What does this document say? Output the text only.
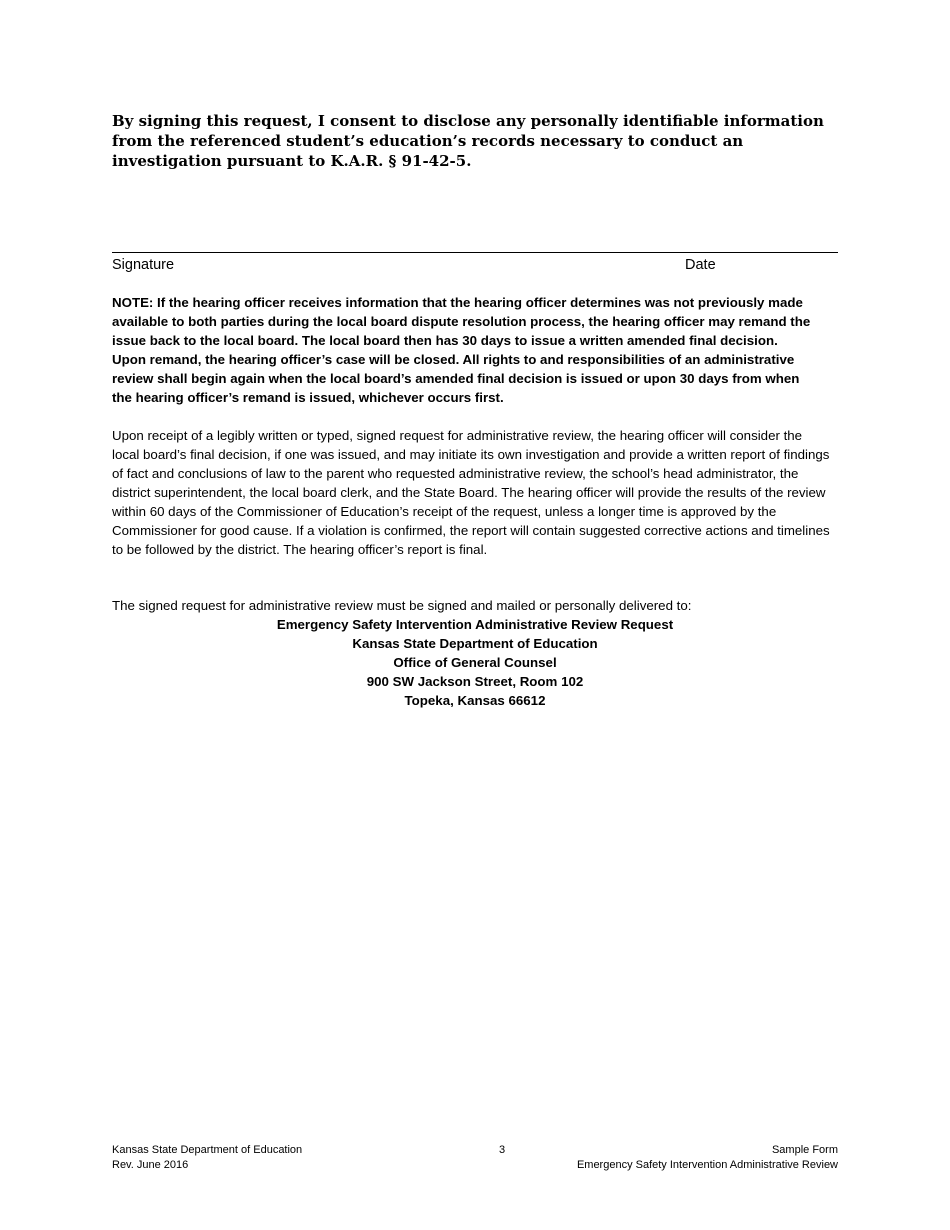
By signing this request, I consent to disclose any personally identifiable information from the referenced student’s education’s records necessary to conduct an investigation pursuant to K.A.R. § 91-42-5.

Signature	Date

NOTE: If the hearing officer receives information that the hearing officer determines was not previously made available to both parties during the local board dispute resolution process, the hearing officer may remand the issue back to the local board. The local board then has 30 days to issue a written amended final decision. Upon remand, the hearing officer’s case will be closed. All rights to and responsibilities of an administrative review shall begin again when the local board’s amended final decision is issued or upon 30 days from when the hearing officer’s remand is issued, whichever occurs first.

Upon receipt of a legibly written or typed, signed request for administrative review, the hearing officer will consider the local board’s final decision, if one was issued, and may initiate its own investigation and provide a written report of findings of fact and conclusions of law to the parent who requested administrative review, the school’s head administrator, the district superintendent, the local board clerk, and the State Board. The hearing officer will provide the results of the review within 60 days of the Commissioner of Education’s receipt of the request, unless a longer time is approved by the Commissioner for good cause. If a violation is confirmed, the report will contain suggested corrective actions and timelines to be followed by the district. The hearing officer’s report is final.

The signed request for administrative review must be signed and mailed or personally delivered to:

Emergency Safety Intervention Administrative Review Request
Kansas State Department of Education
Office of General Counsel
900 SW Jackson Street, Room 102
Topeka, Kansas 66612
Kansas State Department of Education
Rev. June 2016
3	Sample Form
Emergency Safety Intervention Administrative Review
